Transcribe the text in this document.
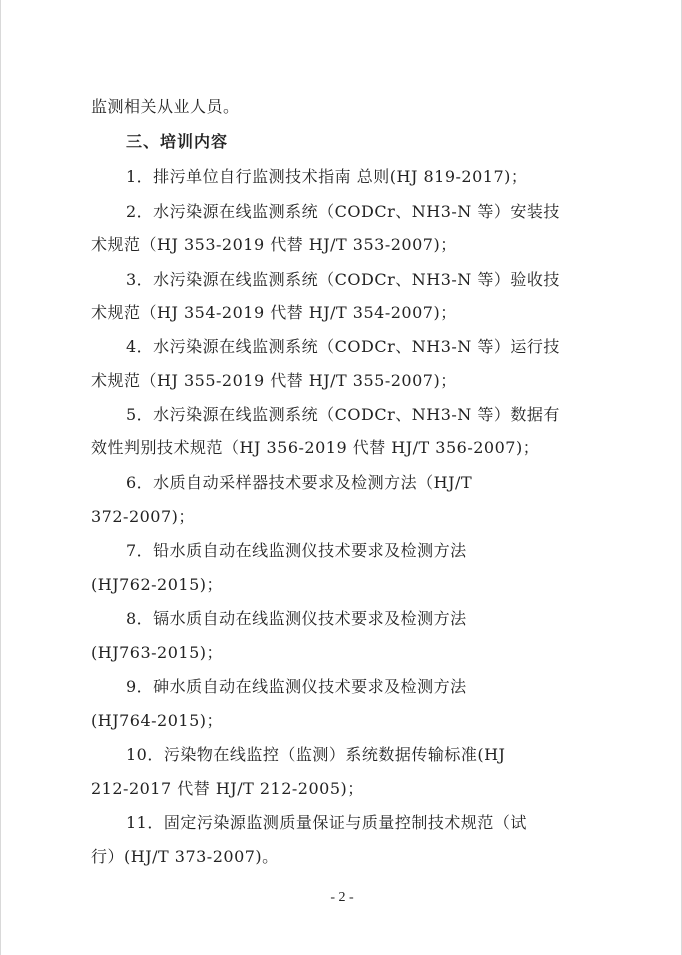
监测相关从业人员。
三、培训内容
1．排污单位自行监测技术指南 总则(HJ 819-2017)；
2．水污染源在线监测系统（CODCr、NH3-N 等）安装技
术规范（HJ 353-2019 代替 HJ/T 353-2007)；
3．水污染源在线监测系统（CODCr、NH3-N 等）验收技
术规范（HJ 354-2019 代替 HJ/T 354-2007)；
4．水污染源在线监测系统（CODCr、NH3-N 等）运行技
术规范（HJ 355-2019 代替 HJ/T 355-2007)；
5．水污染源在线监测系统（CODCr、NH3-N 等）数据有
效性判别技术规范（HJ 356-2019 代替 HJ/T 356-2007)；
6．水质自动采样器技术要求及检测方法（HJ/T
372-2007)；
7．铅水质自动在线监测仪技术要求及检测方法
(HJ762-2015)；
8．镉水质自动在线监测仪技术要求及检测方法
(HJ763-2015)；
9．砷水质自动在线监测仪技术要求及检测方法
(HJ764-2015)；
10．污染物在线监控（监测）系统数据传输标准(HJ
212-2017 代替 HJ/T 212-2005)；
11．固定污染源监测质量保证与质量控制技术规范（试
行）(HJ/T 373-2007)。
- 2 -
